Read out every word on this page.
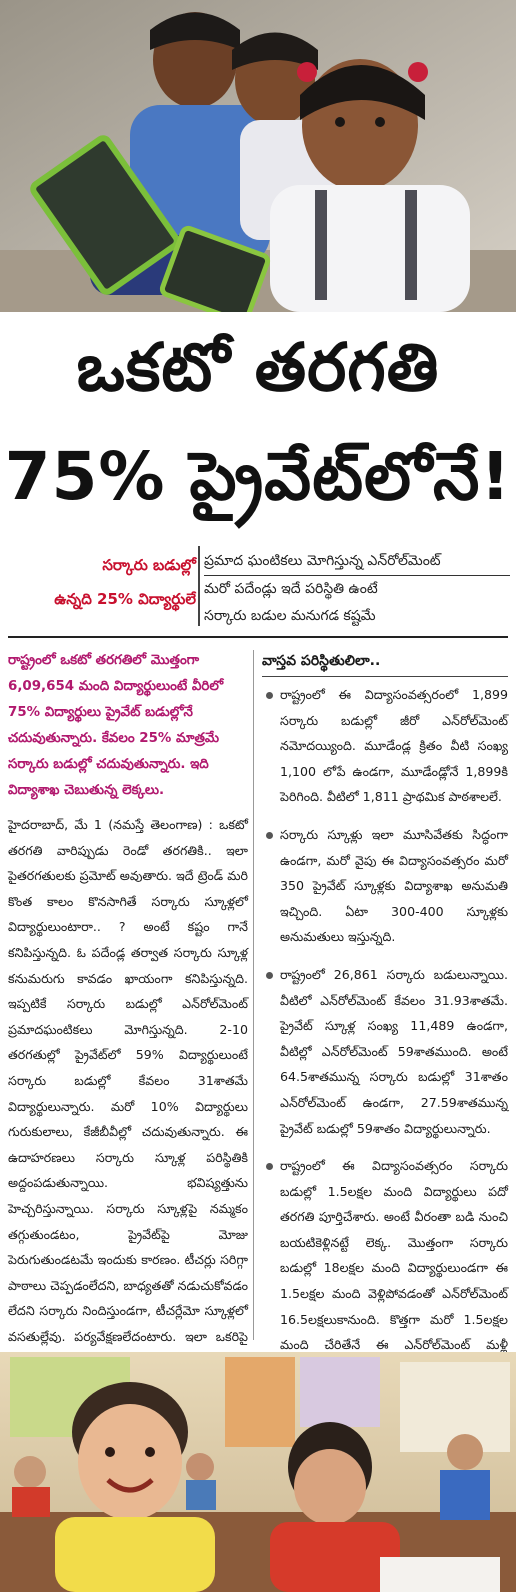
ఒకటో తరగతి
75% ప్రైవేట్‌లోనే!
సర్కారు బడుల్లో
ఉన్నది 25% విద్యార్థులే
ప్రమాద ఘంటికలు మోగిస్తున్న ఎన్‌రోల్‌మెంట్‌
మరో పదేండ్లు ఇదే పరిస్థితి ఉంటే
సర్కారు బడుల మనుగడ కష్టమే
రాష్ట్రంలో ఒకటో తరగతిలో మొత్తంగా 6,09,654 మంది విద్యార్థులుంటే వీరిలో 75% విద్యార్థులు ప్రైవేట్‌ బడుల్లోనే చదువుతున్నారు. కేవలం 25% మాత్రమే సర్కారు బడుల్లో చదువుతున్నారు. ఇది విద్యాశాఖ చెబుతున్న లెక్కలు.

హైదరాబాద్‌, మే 1 (నమస్తే తెలంగాణ) : ఒకటో తరగతి వారిప్పుడు రెండో తరగతికి.. ఇలా పైతరగతులకు ప్రమోట్‌ అవుతారు. ఇదే ట్రెండ్‌ మరి కొంత కాలం కొనసాగితే సర్కారు స్కూళ్లలో విద్యార్థులుంటారా.. ? అంటే కష్టం గానే కనిపిస్తున్నది. ఓ పదేండ్ల తర్వాత సర్కారు స్కూళ్ల కనుమరుగు కావడం ఖాయంగా కనిపిస్తున్నది. ఇప్పటికే సర్కారు బడుల్లో ఎన్‌రోల్‌మెంట్‌ ప్రమాదఘంటికలు మోగిస్తున్నది. 2-10 తరగతుల్లో ప్రైవేట్‌లో 59% విద్యార్థులుంటే సర్కారు బడుల్లో కేవలం 31శాతమే విద్యార్థులున్నారు. మరో 10% విద్యార్థులు గురుకులాలు, కేజీబీవీల్లో చదువుతున్నారు. ఈ ఉదాహరణలు సర్కారు స్కూళ్ల పరిస్థితికి అద్దంపడుతున్నాయి. భవిష్యత్తును హెచ్చరిస్తున్నాయి. సర్కారు స్కూళ్లపై నమ్మకం తగ్గుతుండటం, ప్రైవేట్‌పై మోజు పెరుగుతుండటమే ఇందుకు కారణం. టీచర్లు సరిగ్గా పాఠాలు చెప్పడంలేదని, బాధ్యతతో నడుచుకోవడం లేదని సర్కారు నిందిస్తుండగా, టీచర్లేమో స్కూళ్లలో వసతుల్లేవు. పర్యవేక్షణలేదంటారు. ఇలా ఒకరిపై

వాస్తవ పరిస్థితులిలా..
రాష్ట్రంలో ఈ విద్యాసంవత్సరంలో 1,899 సర్కారు బడుల్లో జీరో ఎన్‌రోల్‌మెంట్‌ నమోదయ్యింది. మూడేండ్ల క్రితం వీటి సంఖ్య 1,100 లోపే ఉండగా, మూడేండ్లోనే 1,899కి పెరిగింది. వీటిలో 1,811 ప్రాథమిక పాఠశాలలే.
సర్కారు స్కూళ్లు ఇలా మూసివేతకు సిద్ధంగా ఉండగా, మరో వైపు ఈ విద్యాసంవత్సరం మరో 350 ప్రైవేట్‌ స్కూళ్లకు విద్యాశాఖ అనుమతి ఇచ్చింది. ఏటా 300-400 స్కూళ్లకు అనుమతులు ఇస్తున్నది.
రాష్ట్రంలో 26,861 సర్కారు బడులున్నాయి. వీటిలో ఎన్‌రోల్‌మెంట్‌ కేవలం 31.93శాతమే. ప్రైవేట్‌ స్కూళ్ల సంఖ్య 11,489 ఉండగా, వీటిల్లో ఎన్‌రోల్‌మెంట్‌ 59శాతముంది. అంటే 64.5శాతమున్న సర్కారు బడుల్లో 31శాతం ఎన్‌రోల్‌మెంట్‌ ఉండగా, 27.59శాతమున్న ప్రైవేట్‌ బడుల్లో 59శాతం విద్యార్థులున్నారు.
రాష్ట్రంలో ఈ విద్యాసంవత్సరం సర్కారు బడుల్లో 1.5లక్షల మంది విద్యార్థులు పదో తరగతి పూర్తిచేశారు. అంటే వీరంతా బడి నుంచి బయటికెళ్లినట్టే లెక్క. మొత్తంగా సర్కారు బడుల్లో 18లక్షల మంది విద్యార్థులుండగా ఈ 1.5లక్షల మంది వెళ్లిపోవడంతో ఎన్‌రోల్‌మెంట్‌ 16.5లక్షలుకానుంది. కొత్తగా మరో 1.5లక్షల మంది చేరితేనే ఈ ఎన్‌రోల్‌మెంట్‌ మళ్లీ
